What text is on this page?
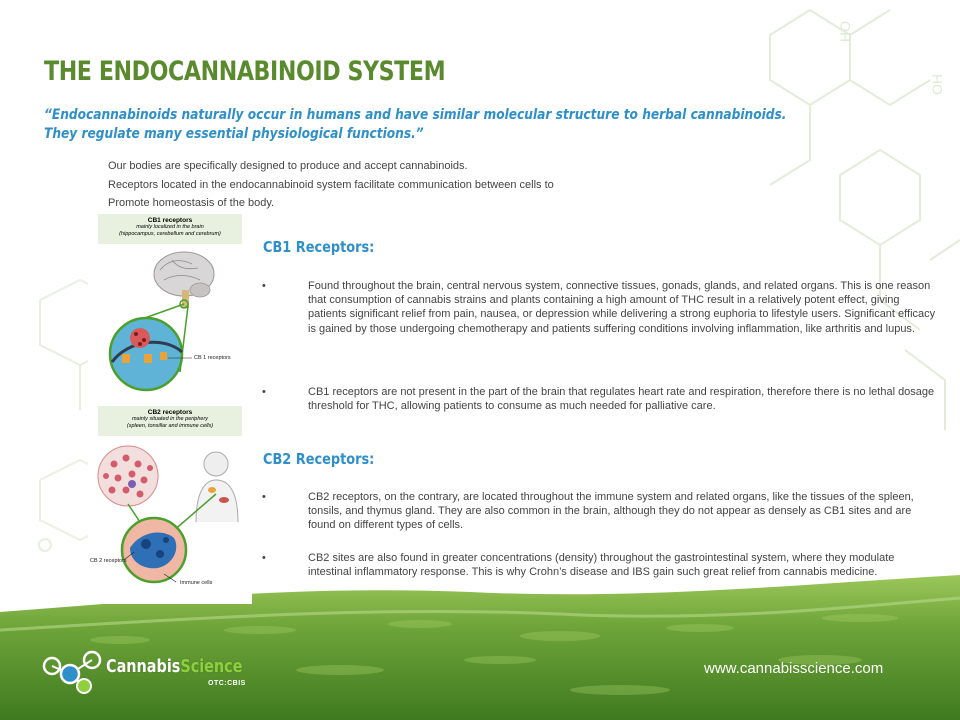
HO
OH
THE ENDOCANNABINOID SYSTEM

“Endocannabinoids naturally occur in humans and have similar molecular structure to herbal cannabinoids.
They regulate many essential physiological functions.”

Our bodies are specifically designed to produce and accept cannabinoids.
Receptors located in the endocannabinoid system facilitate communication between cells to
Promote homeostasis of the body.
CB1 receptors
mainly localized in the brain
(hippocampus, cerebellum and cerebrum)
CB 1 receptors
CB2 receptors
mainly situated in the periphery
(spleen, tonsillar and immune cells)
CB 2 receptors
Immune cells
CB1 Receptors:
•	Found throughout the brain, central nervous system, connective tissues, gonads, glands, and related organs. This is one reason that consumption of cannabis strains and plants containing a high amount of THC result in a relatively potent effect, giving patients significant relief from pain, nausea, or depression while delivering a strong euphoria to lifestyle users. Significant efficacy is gained by those undergoing chemotherapy and patients suffering conditions involving inflammation, like arthritis and lupus.
•	CB1 receptors are not present in the part of the brain that regulates heart rate and respiration, therefore there is no lethal dosage threshold for THC, allowing patients to consume as much needed for palliative care.
CB2 Receptors:
•	CB2 receptors, on the contrary, are located throughout the immune system and related organs, like the tissues of the spleen, tonsils, and thymus gland. They are also common in the brain, although they do not appear as densely as CB1 sites and are found on different types of cells.
•	CB2 sites are also found in greater concentrations (density) throughout the gastrointestinal system, where they modulate intestinal inflammatory response. This is why Crohn’s disease and IBS gain such great relief from cannabis medicine.
CannabisScience
OTC:CBIS
www.cannabisscience.com
